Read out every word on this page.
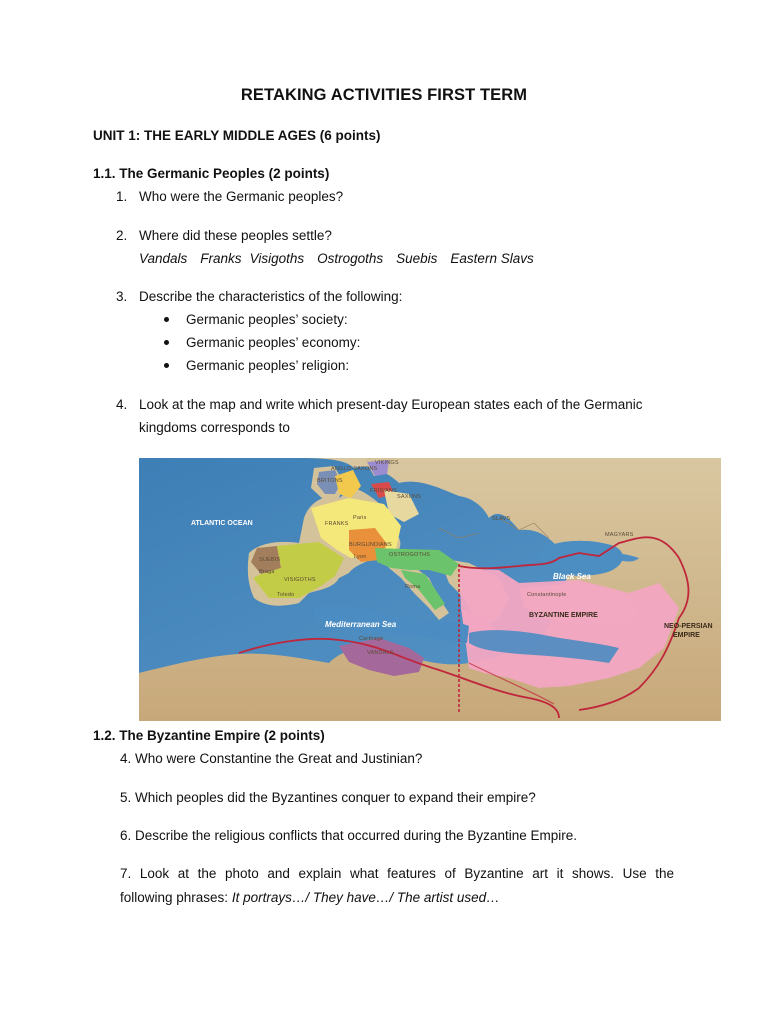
RETAKING ACTIVITIES FIRST TERM
UNIT 1: THE EARLY MIDDLE AGES (6 points)
1.1. The Germanic Peoples (2 points)
1. Who were the Germanic peoples?
2. Where did these peoples settle?
Vandals Franks Visigoths Ostrogoths Suebis Eastern Slavs
3. Describe the characteristics of the following:
Germanic peoples’ society:
Germanic peoples’ economy:
Germanic peoples’ religion:
4. Look at the map and write which present-day European states each of the Germanic
kingdoms corresponds to
ATLANTIC OCEAN
Mediterranean Sea
Black Sea
BYZANTINE EMPIRE
NEO-PERSIAN
EMPIRE
VIKINGS
ANGLO-SAXONS
BRITONS
FRISIANS
SAXONS
FRANKS
Paris
BURGUNDIANS
Lyon	OSTROGOTHS
SUEBIS
Braga
VISIGOTHS
Toledo
Roma
Carthage
VANDALS
SLAVS
MAGYARS
Constantinople
1.2. The Byzantine Empire (2 points)
4. Who were Constantine the Great and Justinian?
5. Which peoples did the Byzantines conquer to expand their empire?
6. Describe the religious conflicts that occurred during the Byzantine Empire.
7. Look at the photo and explain what features of Byzantine art it shows. Use the
following phrases: It portrays…/ They have…/ The artist used…
